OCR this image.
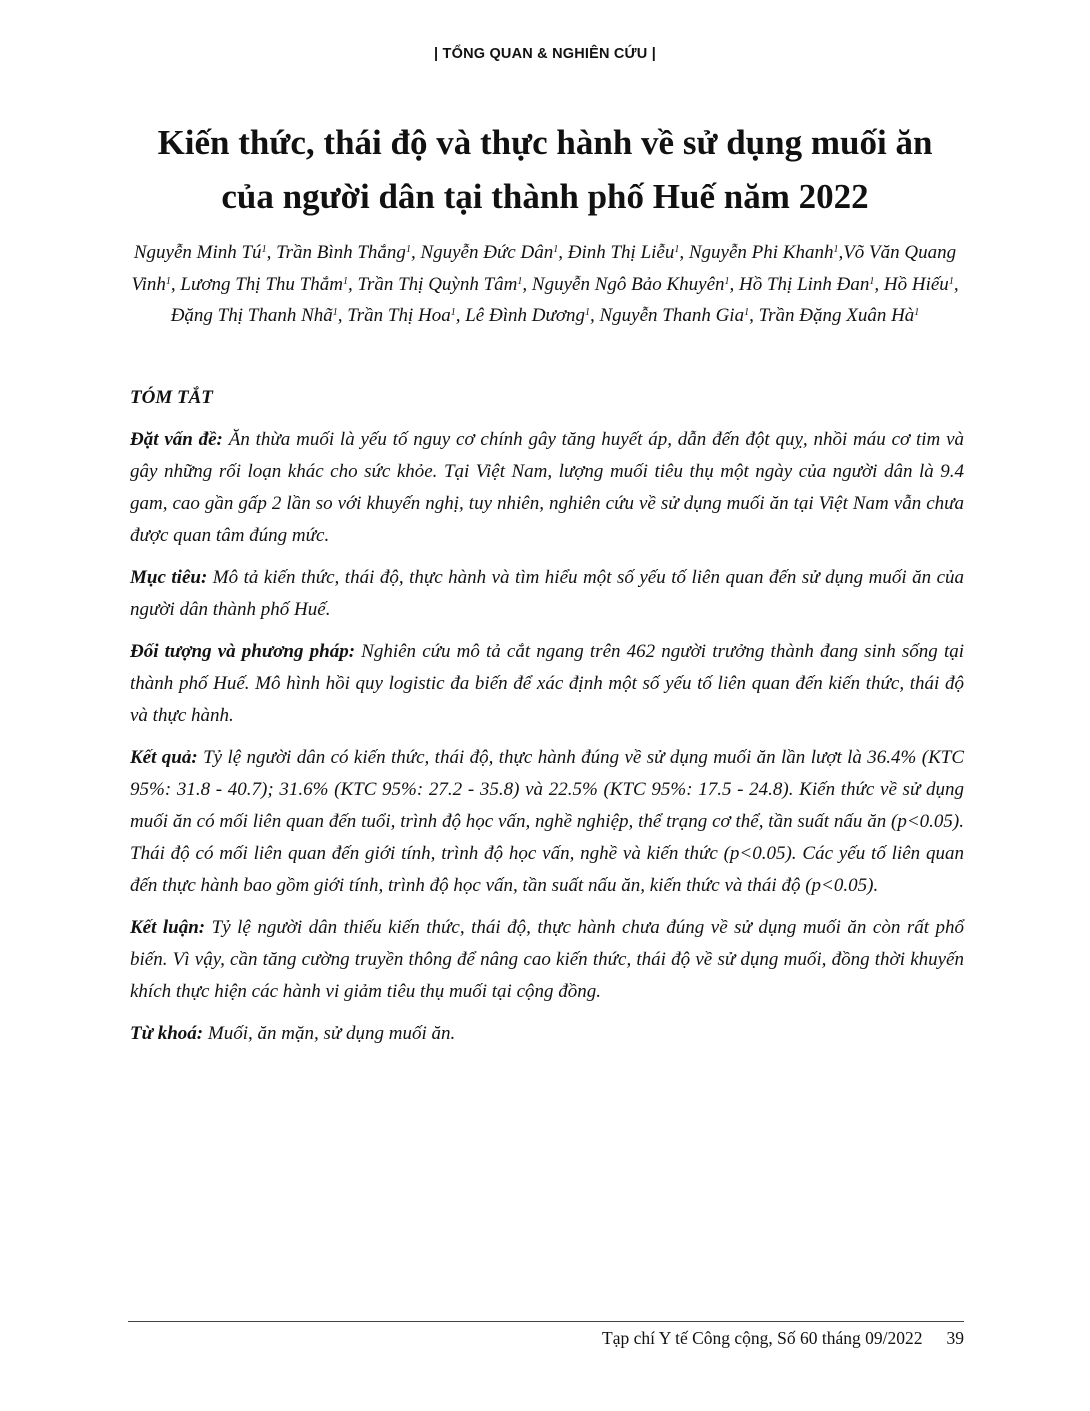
| TỔNG QUAN & NGHIÊN CỨU |
Kiến thức, thái độ và thực hành về sử dụng muối ăn
của người dân tại thành phố Huế năm 2022
Nguyễn Minh $Tú^1$, Trần Bình Thắng$^1$, Nguyễn Đức Dân$^1$, Đinh Thị Liễu$^1$, Nguyễn Phi Khanh$^1$,Võ Văn Quang Vinh$^1$, Lương Thị Thu Thắm$^1$, Trần Thị Quỳnh Tâm$^1$, Nguyễn Ngô Bảo Khuyên$^1$, Hồ Thị Linh Đan$^1$, Hồ Hiếu$^1$, Đặng Thị Thanh Nhã$^1$, Trần Thị Hoa$^1$, Lê Đình Dương$^1$, Nguyễn Thanh Gia$^1$, Trần Đặng Xuân $Hà^1$
TÓM TẮT

Đặt vấn đề: Ăn thừa muối là yếu tố nguy cơ chính gây tăng huyết áp, dẫn đến đột quỵ, nhồi máu cơ tim và gây những rối loạn khác cho sức khỏe. Tại Việt Nam, lượng muối tiêu thụ một ngày của người dân là 9.4 gam, cao gần gấp 2 lần so với khuyến nghị, tuy nhiên, nghiên cứu về sử dụng muối ăn tại Việt Nam vẫn chưa được quan tâm đúng mức.

Mục tiêu: Mô tả kiến thức, thái độ, thực hành và tìm hiểu một số yếu tố liên quan đến sử dụng muối ăn của người dân thành phố Huế.

Đối tượng và phương pháp: Nghiên cứu mô tả cắt ngang trên 462 người trưởng thành đang sinh sống tại thành phố Huế. Mô hình hồi quy logistic đa biến để xác định một số yếu tố liên quan đến kiến thức, thái độ và thực hành.

Kết quả: Tỷ lệ người dân có kiến thức, thái độ, thực hành đúng về sử dụng muối ăn lần lượt là 36.4% (KTC 95%: 31.8 - 40.7); 31.6% (KTC 95%: 27.2 - 35.8) và 22.5% (KTC 95%: 17.5 - 24.8). Kiến thức về sử dụng muối ăn có mối liên quan đến tuổi, trình độ học vấn, nghề nghiệp, thể trạng cơ thể, tần suất nấu ăn (p<0.05). Thái độ có mối liên quan đến giới tính, trình độ học vấn, nghề và kiến thức (p<0.05). Các yếu tố liên quan đến thực hành bao gồm giới tính, trình độ học vấn, tần suất nấu ăn, kiến thức và thái độ (p<0.05).

Kết luận: Tỷ lệ người dân thiếu kiến thức, thái độ, thực hành chưa đúng về sử dụng muối ăn còn rất phổ biến. Vì vậy, cần tăng cường truyền thông để nâng cao kiến thức, thái độ về sử dụng muối, đồng thời khuyến khích thực hiện các hành vi giảm tiêu thụ muối tại cộng đồng.

Từ khoá: Muối, ăn mặn, sử dụng muối ăn.

Tạp chí Y tế Công cộng, Số 60 tháng 09/2022 39
